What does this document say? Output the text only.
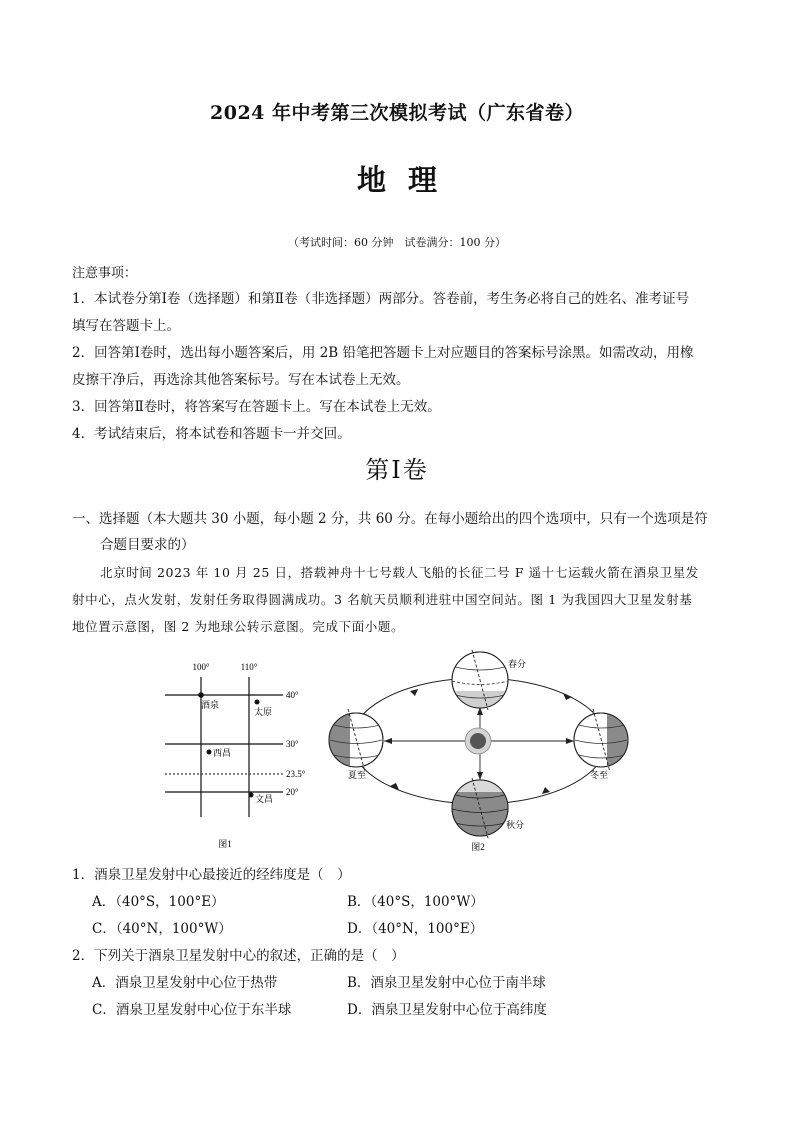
2024 年中考第三次模拟考试（广东省卷）
地理
（考试时间：60 分钟　试卷满分：100 分）
注意事项：
1．本试卷分第Ⅰ卷（选择题）和第Ⅱ卷（非选择题）两部分。答卷前，考生务必将自己的姓名、准考证号
填写在答题卡上。
2．回答第Ⅰ卷时，选出每小题答案后，用 2B 铅笔把答题卡上对应题目的答案标号涂黑。如需改动，用橡
皮擦干净后，再选涂其他答案标号。写在本试卷上无效。
3．回答第Ⅱ卷时，将答案写在答题卡上。写在本试卷上无效。
4．考试结束后，将本试卷和答题卡一并交回。
第Ⅰ卷
一、选择题（本大题共 30 小题，每小题 2 分，共 60 分。在每小题给出的四个选项中，只有一个选项是符
合题目要求的）
北京时间 2023 年 10 月 25 日，搭载神舟十七号载人飞船的长征二号 F 遥十七运载火箭在酒泉卫星发
射中心，点火发射，发射任务取得圆满成功。3 名航天员顺利进驻中国空间站。图 1 为我国四大卫星发射基
地位置示意图，图 2 为地球公转示意图。完成下面小题。
100°	110°
40°
30°
23.5°
20°
酒泉
太原
西昌
文昌
图1
夏至	冬至
春分
秋分
图2
1．酒泉卫星发射中心最接近的经纬度是（　）
A．（40°S，100°E）	B．（40°S，100°W）
C．（40°N，100°W）	D．（40°N，100°E）
2．下列关于酒泉卫星发射中心的叙述，正确的是（　）
A．酒泉卫星发射中心位于热带	B．酒泉卫星发射中心位于南半球
C．酒泉卫星发射中心位于东半球	D．酒泉卫星发射中心位于高纬度
